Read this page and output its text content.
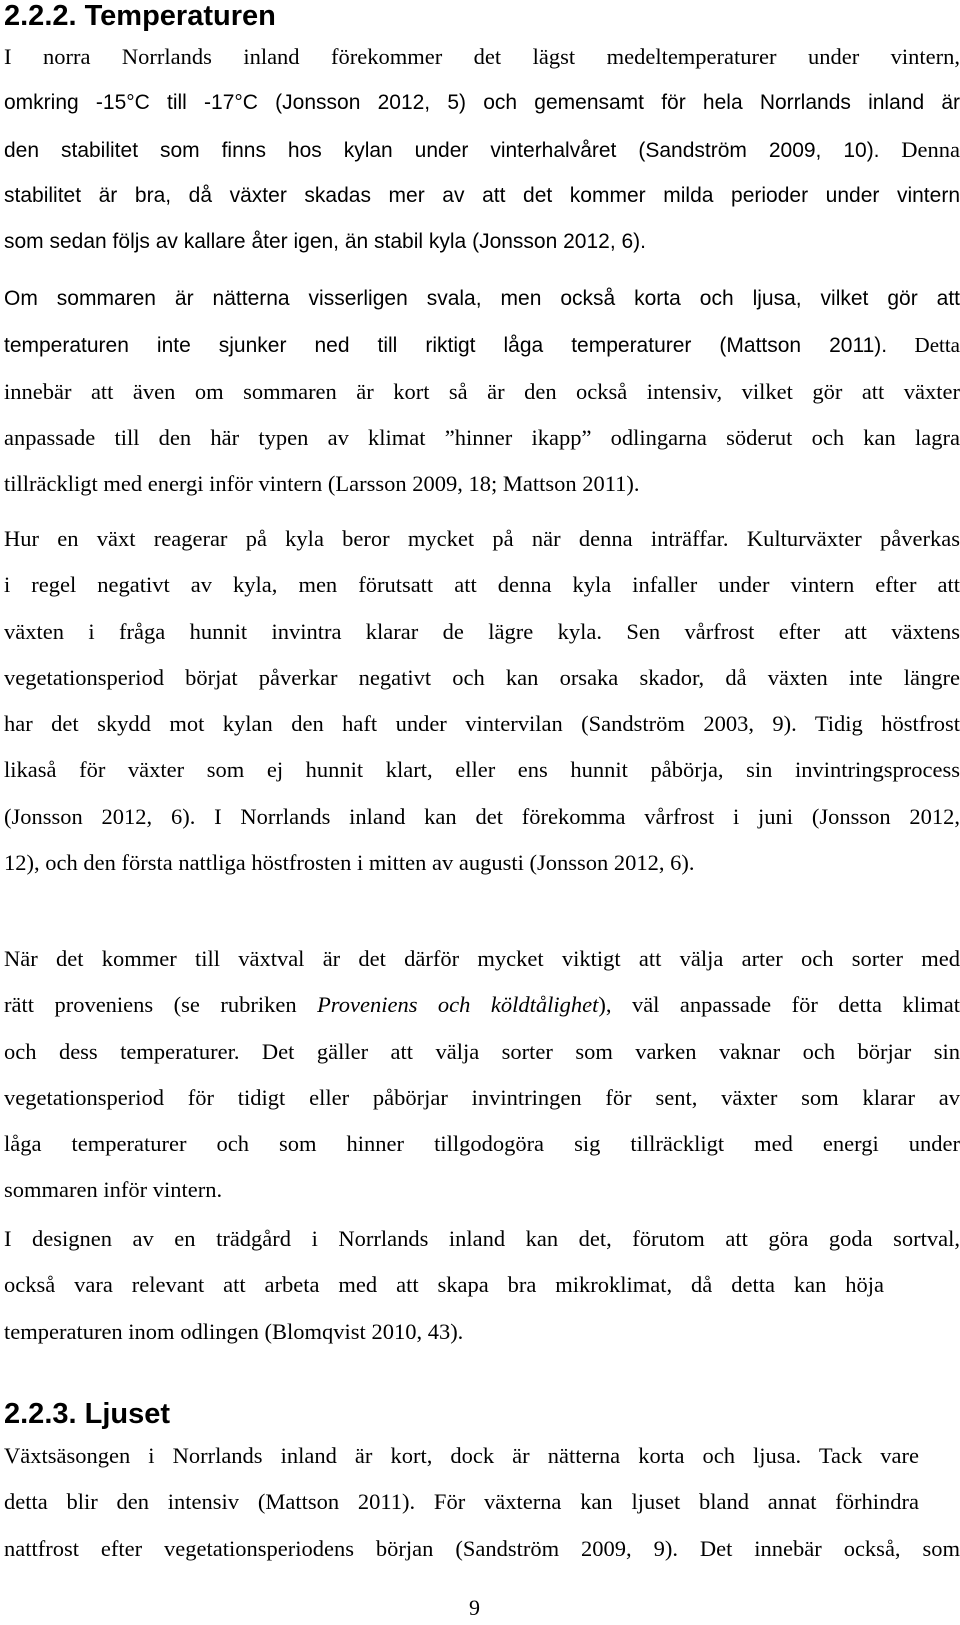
2.2.2. Temperaturen
I norra Norrlands inland förekommer det lägst medeltemperaturer under vintern,
omkring -15°C till -17°C (Jonsson 2012, 5) och gemensamt för hela Norrlands inland är
den stabilitet som finns hos kylan under vinterhalvåret (Sandström 2009, 10). Denna
stabilitet är bra, då växter skadas mer av att det kommer milda perioder under vintern
som sedan följs av kallare åter igen, än stabil kyla (Jonsson 2012, 6).
Om sommaren är nätterna visserligen svala, men också korta och ljusa, vilket gör att
temperaturen inte sjunker ned till riktigt låga temperaturer (Mattson 2011). Detta
innebär att även om sommaren är kort så är den också intensiv, vilket gör att växter
anpassade till den här typen av klimat ”hinner ikapp” odlingarna söderut och kan lagra
tillräckligt med energi inför vintern (Larsson 2009, 18; Mattson 2011).
Hur en växt reagerar på kyla beror mycket på när denna inträffar. Kulturväxter påverkas
i regel negativt av kyla, men förutsatt att denna kyla infaller under vintern efter att
växten i fråga hunnit invintra klarar de lägre kyla. Sen vårfrost efter att växtens
vegetationsperiod börjat påverkar negativt och kan orsaka skador, då växten inte längre
har det skydd mot kylan den haft under vintervilan (Sandström 2003, 9). Tidig höstfrost
likaså för växter som ej hunnit klart, eller ens hunnit påbörja, sin invintringsprocess
(Jonsson 2012, 6). I Norrlands inland kan det förekomma vårfrost i juni (Jonsson 2012,
12), och den första nattliga höstfrosten i mitten av augusti (Jonsson 2012, 6).
När det kommer till växtval är det därför mycket viktigt att välja arter och sorter med
rätt proveniens (se rubriken Proveniens och köldtålighet), väl anpassade för detta klimat
och dess temperaturer. Det gäller att välja sorter som varken vaknar och börjar sin
vegetationsperiod för tidigt eller påbörjar invintringen för sent, växter som klarar av
låga temperaturer och som hinner tillgodogöra sig tillräckligt med energi under
sommaren inför vintern.
I designen av en trädgård i Norrlands inland kan det, förutom att göra goda sortval,
också vara relevant att arbeta med att skapa bra mikroklimat, då detta kan höja
temperaturen inom odlingen (Blomqvist 2010, 43).
2.2.3. Ljuset
Växtsäsongen i Norrlands inland är kort, dock är nätterna korta och ljusa. Tack vare
detta blir den intensiv (Mattson 2011). För växterna kan ljuset bland annat förhindra
nattfrost efter vegetationsperiodens början (Sandström 2009, 9). Det innebär också, som
9
